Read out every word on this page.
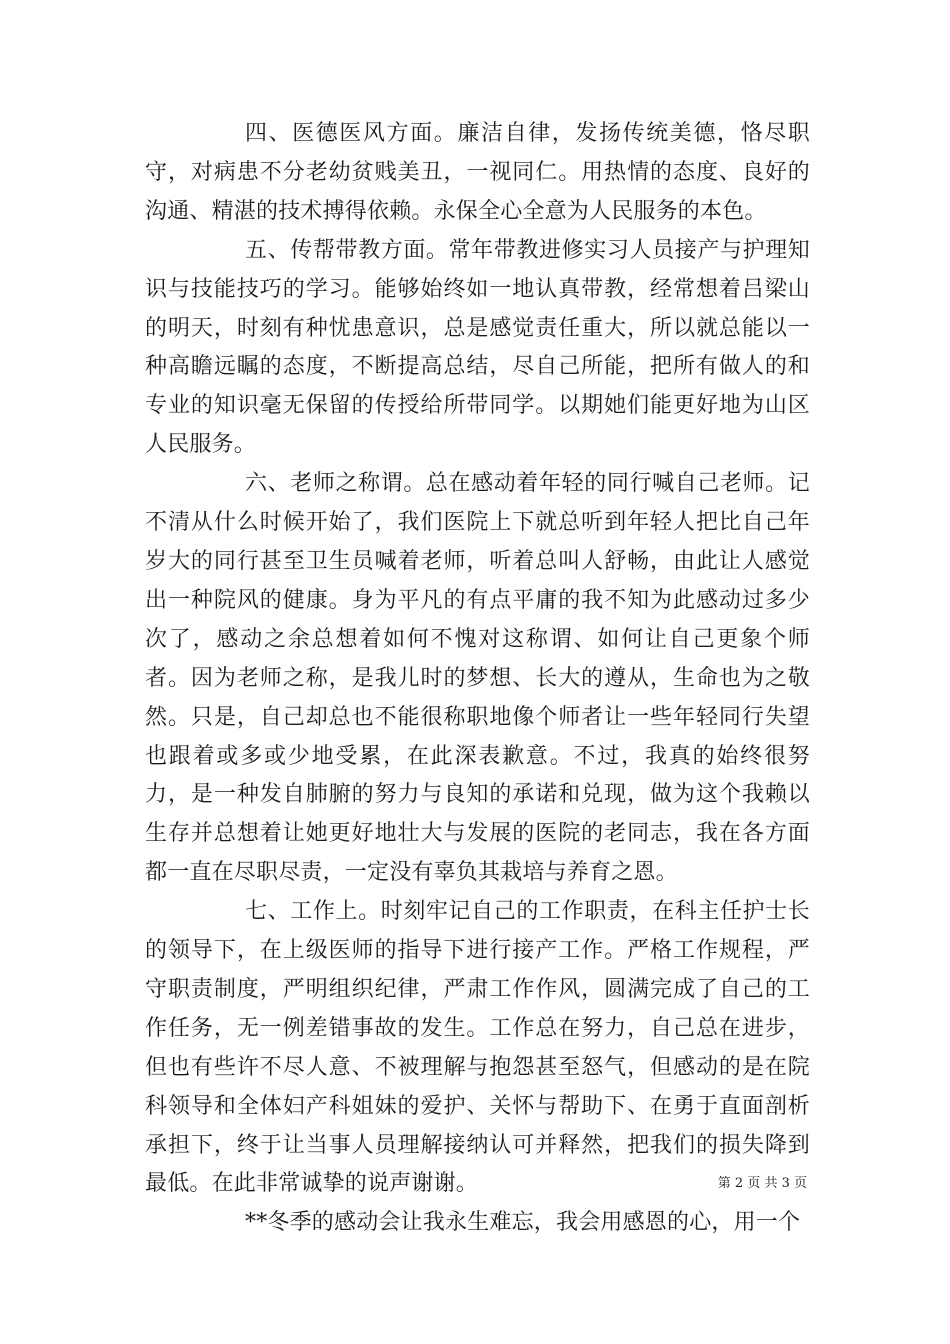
四、医德医风方面。廉洁自律，发扬传统美德，恪尽职守，对病患不分老幼贫贱美丑，一视同仁。用热情的态度、良好的沟通、精湛的技术搏得依赖。永保全心全意为人民服务的本色。

五、传帮带教方面。常年带教进修实习人员接产与护理知识与技能技巧的学习。能够始终如一地认真带教，经常想着吕梁山的明天，时刻有种忧患意识，总是感觉责任重大，所以就总能以一种高瞻远瞩的态度，不断提高总结，尽自己所能，把所有做人的和专业的知识毫无保留的传授给所带同学。以期她们能更好地为山区人民服务。

六、老师之称谓。总在感动着年轻的同行喊自己老师。记不清从什么时候开始了，我们医院上下就总听到年轻人把比自己年岁大的同行甚至卫生员喊着老师，听着总叫人舒畅，由此让人感觉出一种院风的健康。身为平凡的有点平庸的我不知为此感动过多少次了，感动之余总想着如何不愧对这称谓、如何让自己更象个师者。因为老师之称，是我儿时的梦想、长大的遵从，生命也为之敬然。只是，自己却总也不能很称职地像个师者让一些年轻同行失望也跟着或多或少地受累，在此深表歉意。不过，我真的始终很努力，是一种发自肺腑的努力与良知的承诺和兑现，做为这个我赖以生存并总想着让她更好地壮大与发展的医院的老同志，我在各方面都一直在尽职尽责，一定没有辜负其栽培与养育之恩。

七、工作上。时刻牢记自己的工作职责，在科主任护士长的领导下，在上级医师的指导下进行接产工作。严格工作规程，严守职责制度，严明组织纪律，严肃工作作风，圆满完成了自己的工作任务，无一例差错事故的发生。工作总在努力，自己总在进步，但也有些许不尽人意、不被理解与抱怨甚至怒气，但感动的是在院科领导和全体妇产科姐妹的爱护、关怀与帮助下、在勇于直面剖析承担下，终于让当事人员理解接纳认可并释然，把我们的损失降到最低。在此非常诚挚的说声谢谢。

**冬季的感动会让我永生难忘，我会用感恩的心，用一个

第 2 页 共 3 页
